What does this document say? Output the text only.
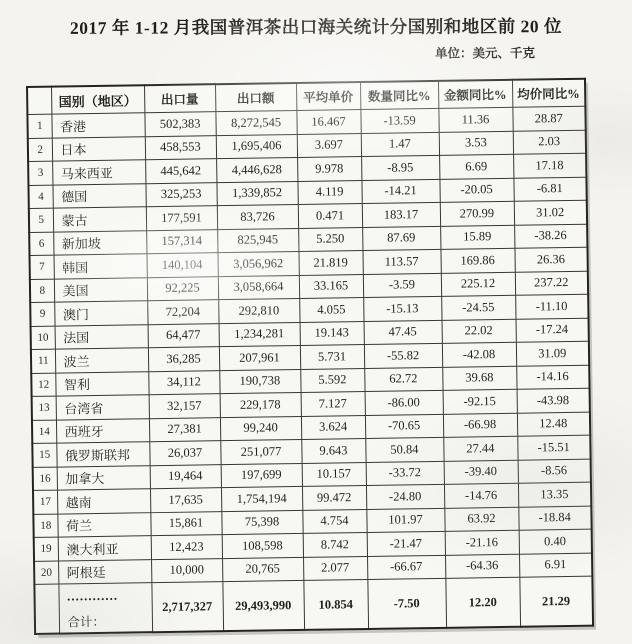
2017 年 1-12 月我国普洱茶出口海关统计分国别和地区前 20 位
单位：美元、千克
	国别（地区）	出口量	出口额	平均单价	数量同比%	金额同比%	均价同比%
1	香港	502,383	8,272,545	16.467	-13.59	11.36	28.87
2	日本	458,553	1,695,406	3.697	1.47	3.53	2.03
3	马来西亚	445,642	4,446,628	9.978	-8.95	6.69	17.18
4	德国	325,253	1,339,852	4.119	-14.21	-20.05	-6.81
5	蒙古	177,591	83,726	0.471	183.17	270.99	31.02
6	新加坡	157,314	825,945	5.250	87.69	15.89	-38.26
7	韩国	140,104	3,056,962	21.819	113.57	169.86	26.36
8	美国	92,225	3,058,664	33.165	-3.59	225.12	237.22
9	澳门	72,204	292,810	4.055	-15.13	-24.55	-11.10
10	法国	64,477	1,234,281	19.143	47.45	22.02	-17.24
11	波兰	36,285	207,961	5.731	-55.82	-42.08	31.09
12	智利	34,112	190,738	5.592	62.72	39.68	-14.16
13	台湾省	32,157	229,178	7.127	-86.00	-92.15	-43.98
14	西班牙	27,381	99,240	3.624	-70.65	-66.98	12.48
15	俄罗斯联邦	26,037	251,077	9.643	50.84	27.44	-15.51
16	加拿大	19,464	197,699	10.157	-33.72	-39.40	-8.56
17	越南	17,635	1,754,194	99.472	-24.80	-14.76	13.35
18	荷兰	15,861	75,398	4.754	101.97	63.92	-18.84
19	澳大利亚	12,423	108,598	8.742	-21.47	-21.16	0.40
20	阿根廷	10,000	20,765	2.077	-66.67	-64.36	6.91

	............
合计：	2,717,327	29,493,990	10.854	-7.50	12.20	21.29
